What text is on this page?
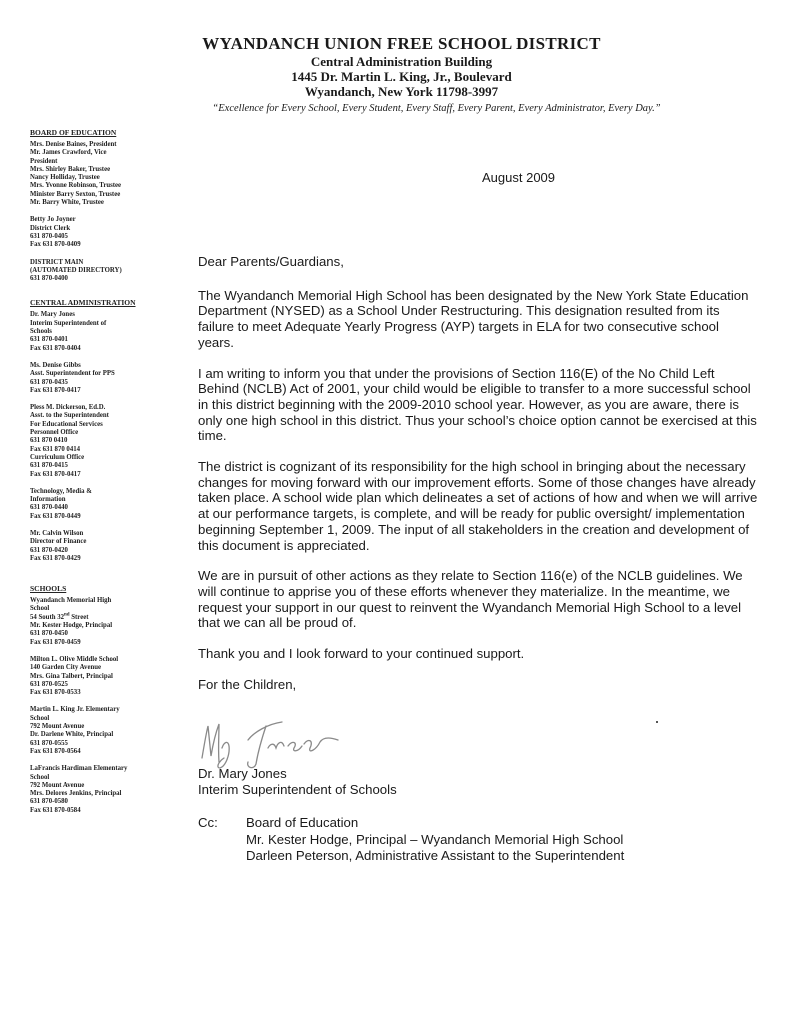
WYANDANCH UNION FREE SCHOOL DISTRICT
Central Administration Building
1445 Dr. Martin L. King, Jr., Boulevard
Wyandanch, New York 11798-3997
“Excellence for Every School, Every Student, Every Staff, Every Parent, Every Administrator, Every Day.”
BOARD OF EDUCATION
Mrs. Denise Baines, President
Mr. James Crawford, Vice
President
Mrs. Shirley Baker, Trustee
Nancy Holliday, Trustee
Mrs. Yvonne Robinson, Trustee
Minister Barry Sexton, Trustee
Mr. Barry White, Trustee
Betty Jo Joyner
District Clerk
631 870-0405
Fax 631 870-0409
DISTRICT MAIN
(AUTOMATED DIRECTORY)
631 870-0400
CENTRAL ADMINISTRATION
Dr. Mary Jones
Interim Superintendent of
Schools
631 870-0401
Fax 631 870-0404
Ms. Denise Gibbs
Asst. Superintendent for PPS
631 870-0435
Fax 631 870-0417
Pless M. Dickerson, Ed.D.
Asst. to the Superintendent
For Educational Services
Personnel Office
631 870 0410
Fax 631 870 0414
Curriculum Office
631 870-0415
Fax 631 870-0417
Technology, Media &
Information
631 870-0440
Fax 631 870-0449
Mr. Calvin Wilson
Director of Finance
631 870-0420
Fax 631 870-0429
SCHOOLS
Wyandanch Memorial High
School
54 South 32nd Street
Mr. Kester Hodge, Principal
631 870-0450
Fax 631 870-0459
Milton L. Olive Middle School
140 Garden City Avenue
Mrs. Gina Talbert, Principal
631 870-0525
Fax 631 870-0533
Martin L. King Jr. Elementary
School
792 Mount Avenue
Dr. Darlene White, Principal
631 870-0555
Fax 631 870-0564
LaFrancis Hardiman Elementary
School
792 Mount Avenue
Mrs. Delores Jenkins, Principal
631 870-0580
Fax 631 870-0584
August 2009

Dear Parents/Guardians,

The Wyandanch Memorial High School has been designated by the New York State Education Department (NYSED) as a School Under Restructuring. This designation resulted from its failure to meet Adequate Yearly Progress (AYP) targets in ELA for two consecutive school years.

I am writing to inform you that under the provisions of Section 116(E) of the No Child Left Behind (NCLB) Act of 2001, your child would be eligible to transfer to a more successful school in this district beginning with the 2009-2010 school year. However, as you are aware, there is only one high school in this district. Thus your school’s choice option cannot be exercised at this time.

The district is cognizant of its responsibility for the high school in bringing about the necessary changes for moving forward with our improvement efforts. Some of those changes have already taken place. A school wide plan which delineates a set of actions of how and when we will arrive at our performance targets, is complete, and will be ready for public oversight/ implementation beginning September 1, 2009. The input of all stakeholders in the creation and development of this document is appreciated.

We are in pursuit of other actions as they relate to Section 116(e) of the NCLB guidelines. We will continue to apprise you of these efforts whenever they materialize. In the meantime, we request your support in our quest to reinvent the Wyandanch Memorial High School to a level that we can all be proud of.

Thank you and I look forward to your continued support.

For the Children,

Dr. Mary Jones
Interim Superintendent of Schools
Cc: Board of Education
Mr. Kester Hodge, Principal – Wyandanch Memorial High School
Darleen Peterson, Administrative Assistant to the Superintendent
